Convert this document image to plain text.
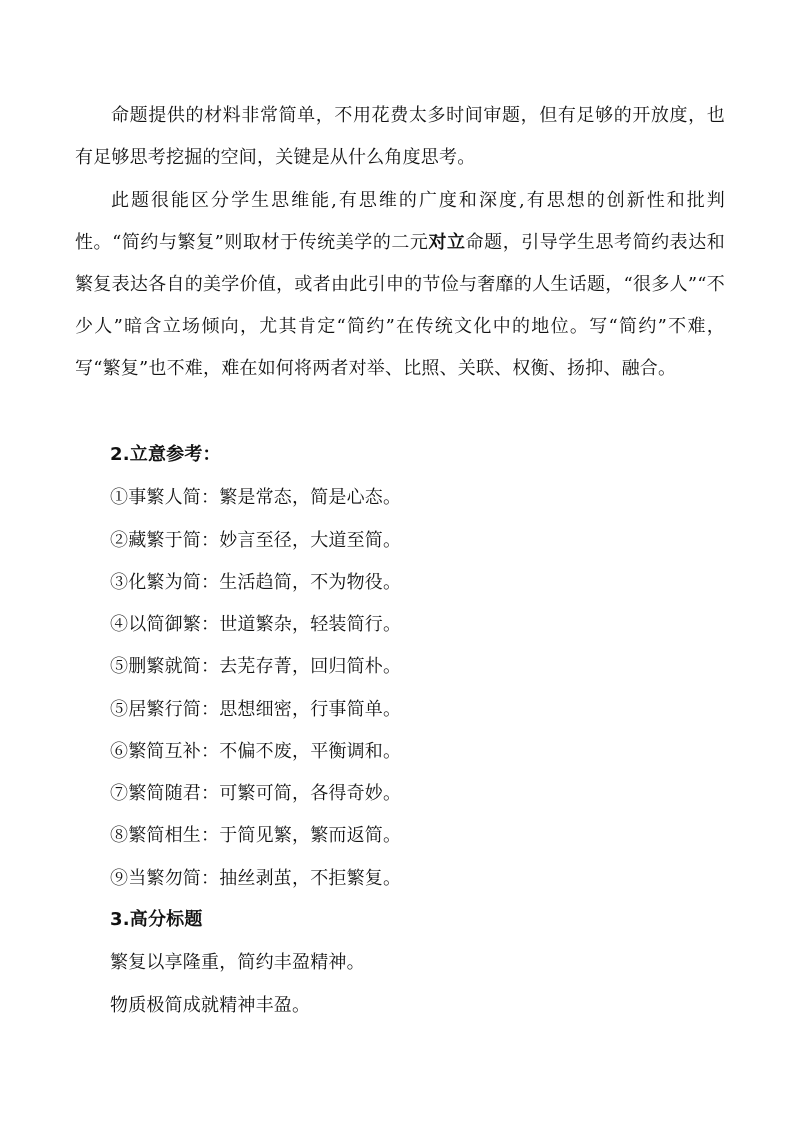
命题提供的材料非常简单，不用花费太多时间审题，但有足够的开放度，也有足够思考挖掘的空间，关键是从什么角度思考。

此题很能区分学生思维能,有思维的广度和深度,有思想的创新性和批判性。“简约与繁复”则取材于传统美学的二元对立命题，引导学生思考简约表达和繁复表达各自的美学价值，或者由此引申的节俭与奢靡的人生话题，“很多人”“不少人”暗含立场倾向，尤其肯定“简约”在传统文化中的地位。写“简约”不难，写“繁复”也不难，难在如何将两者对举、比照、关联、权衡、扬抑、融合。

2.立意参考：
①事繁人简：繁是常态，简是心态。
②藏繁于简：妙言至径，大道至简。
③化繁为简：生活趋简，不为物役。
④以简御繁：世道繁杂，轻装简行。
⑤删繁就简：去芜存菁，回归简朴。
⑤居繁行简：思想细密，行事简单。
⑥繁简互补：不偏不废，平衡调和。
⑦繁简随君：可繁可简，各得奇妙。
⑧繁简相生：于简见繁，繁而返简。
⑨当繁勿简：抽丝剥茧，不拒繁复。
3.高分标题
繁复以享隆重，简约丰盈精神。
物质极简成就精神丰盈。
